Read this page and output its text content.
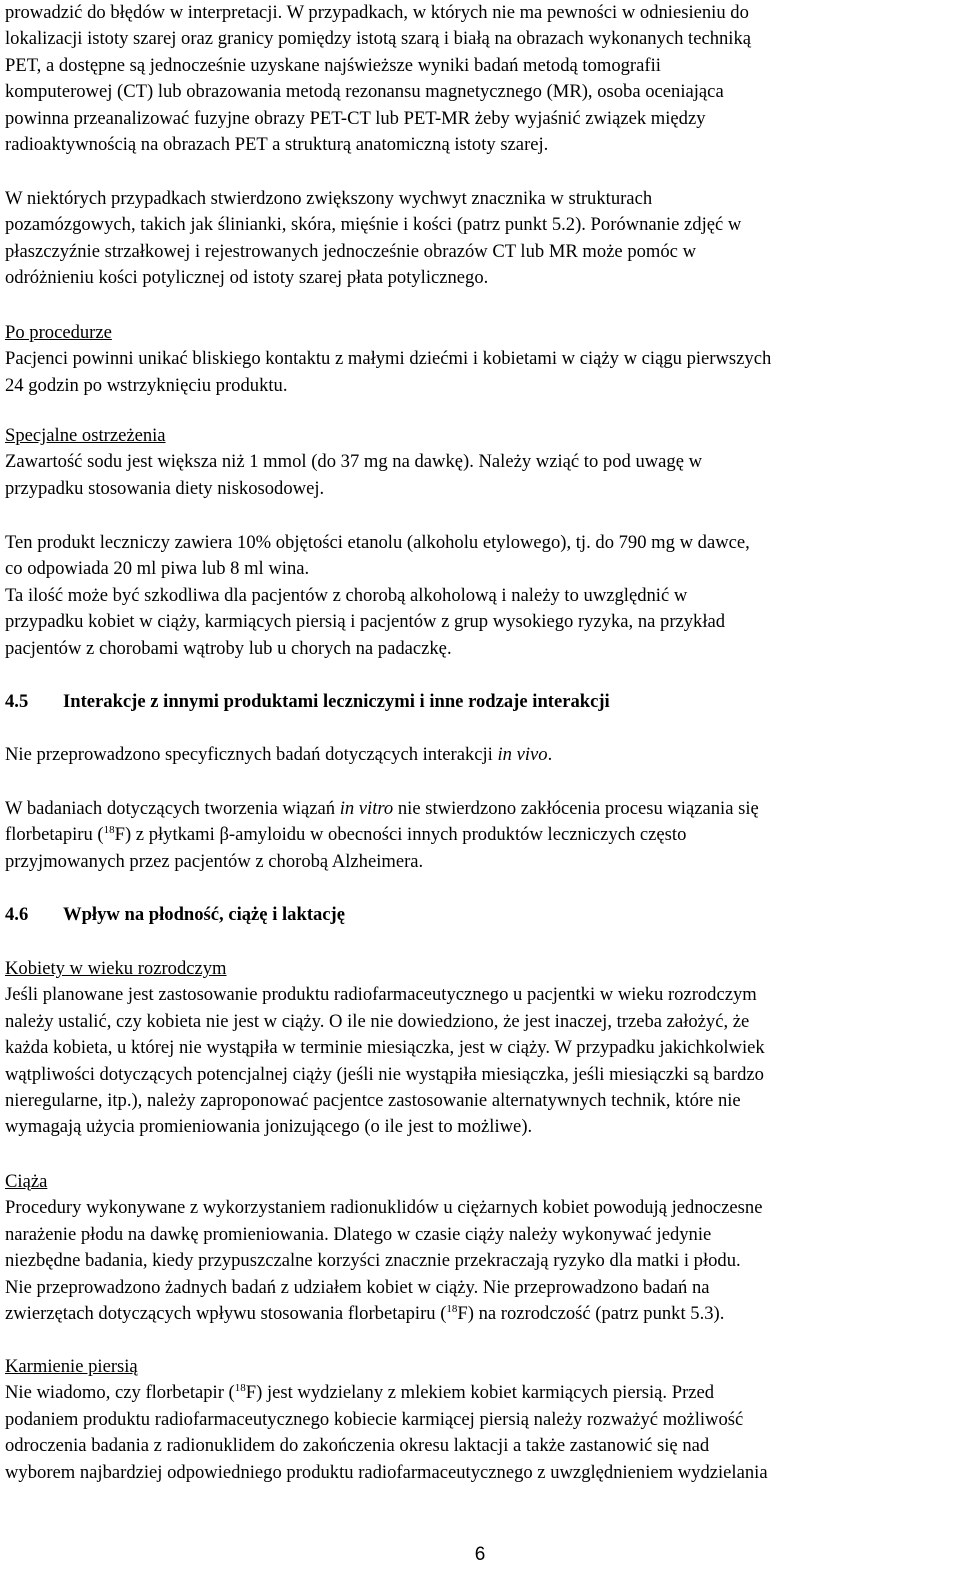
prowadzić do błędów w interpretacji. W przypadkach, w których nie ma pewności w odniesieniu do
lokalizacji istoty szarej oraz granicy pomiędzy istotą szarą i białą na obrazach wykonanych techniką
PET, a dostępne są jednocześnie uzyskane najświeższe wyniki badań metodą tomografii
komputerowej (CT) lub obrazowania metodą rezonansu magnetycznego (MR), osoba oceniająca
powinna przeanalizować fuzyjne obrazy PET-CT lub PET-MR żeby wyjaśnić związek między
radioaktywnością na obrazach PET a strukturą anatomiczną istoty szarej.
W niektórych przypadkach stwierdzono zwiększony wychwyt znacznika w strukturach
pozamózgowych, takich jak ślinianki, skóra, mięśnie i kości (patrz punkt 5.2). Porównanie zdjęć w
płaszczyźnie strzałkowej i rejestrowanych jednocześnie obrazów CT lub MR może pomóc w
odróżnieniu kości potylicznej od istoty szarej płata potylicznego.
Po procedurze
Pacjenci powinni unikać bliskiego kontaktu z małymi dziećmi i kobietami w ciąży w ciągu pierwszych
24 godzin po wstrzyknięciu produktu.
Specjalne ostrzeżenia
Zawartość sodu jest większa niż 1 mmol (do 37 mg na dawkę). Należy wziąć to pod uwagę w
przypadku stosowania diety niskosodowej.
Ten produkt leczniczy zawiera 10% objętości etanolu (alkoholu etylowego), tj. do 790 mg w dawce,
co odpowiada 20 ml piwa lub 8 ml wina.
Ta ilość może być szkodliwa dla pacjentów z chorobą alkoholową i należy to uwzględnić w
przypadku kobiet w ciąży, karmiących piersią i pacjentów z grup wysokiego ryzyka, na przykład
pacjentów z chorobami wątroby lub u chorych na padaczkę.
4.5 Interakcje z innymi produktami leczniczymi i inne rodzaje interakcji
Nie przeprowadzono specyficznych badań dotyczących interakcji in vivo.
W badaniach dotyczących tworzenia wiązań in vitro nie stwierdzono zakłócenia procesu wiązania się
florbetapiru ($^{18}$F) z płytkami β-amyloidu w obecności innych produktów leczniczych często
przyjmowanych przez pacjentów z chorobą Alzheimera.
4.6 Wpływ na płodność, ciążę i laktację
Kobiety w wieku rozrodczym
Jeśli planowane jest zastosowanie produktu radiofarmaceutycznego u pacjentki w wieku rozrodczym
należy ustalić, czy kobieta nie jest w ciąży. O ile nie dowiedziono, że jest inaczej, trzeba założyć, że
każda kobieta, u której nie wystąpiła w terminie miesiączka, jest w ciąży. W przypadku jakichkolwiek
wątpliwości dotyczących potencjalnej ciąży (jeśli nie wystąpiła miesiączka, jeśli miesiączki są bardzo
nieregularne, itp.), należy zaproponować pacjentce zastosowanie alternatywnych technik, które nie
wymagają użycia promieniowania jonizującego (o ile jest to możliwe).
Ciąża
Procedury wykonywane z wykorzystaniem radionuklidów u ciężarnych kobiet powodują jednoczesne
narażenie płodu na dawkę promieniowania. Dlatego w czasie ciąży należy wykonywać jedynie
niezbędne badania, kiedy przypuszczalne korzyści znacznie przekraczają ryzyko dla matki i płodu.
Nie przeprowadzono żadnych badań z udziałem kobiet w ciąży. Nie przeprowadzono badań na
zwierzętach dotyczących wpływu stosowania florbetapiru ($^{18}$F) na rozrodczość (patrz punkt 5.3).
Karmienie piersią
Nie wiadomo, czy florbetapir ($^{18}$F) jest wydzielany z mlekiem kobiet karmiących piersią. Przed
podaniem produktu radiofarmaceutycznego kobiecie karmiącej piersią należy rozważyć możliwość
odroczenia badania z radionuklidem do zakończenia okresu laktacji a także zastanowić się nad
wyborem najbardziej odpowiedniego produktu radiofarmaceutycznego z uwzględnieniem wydzielania
6
